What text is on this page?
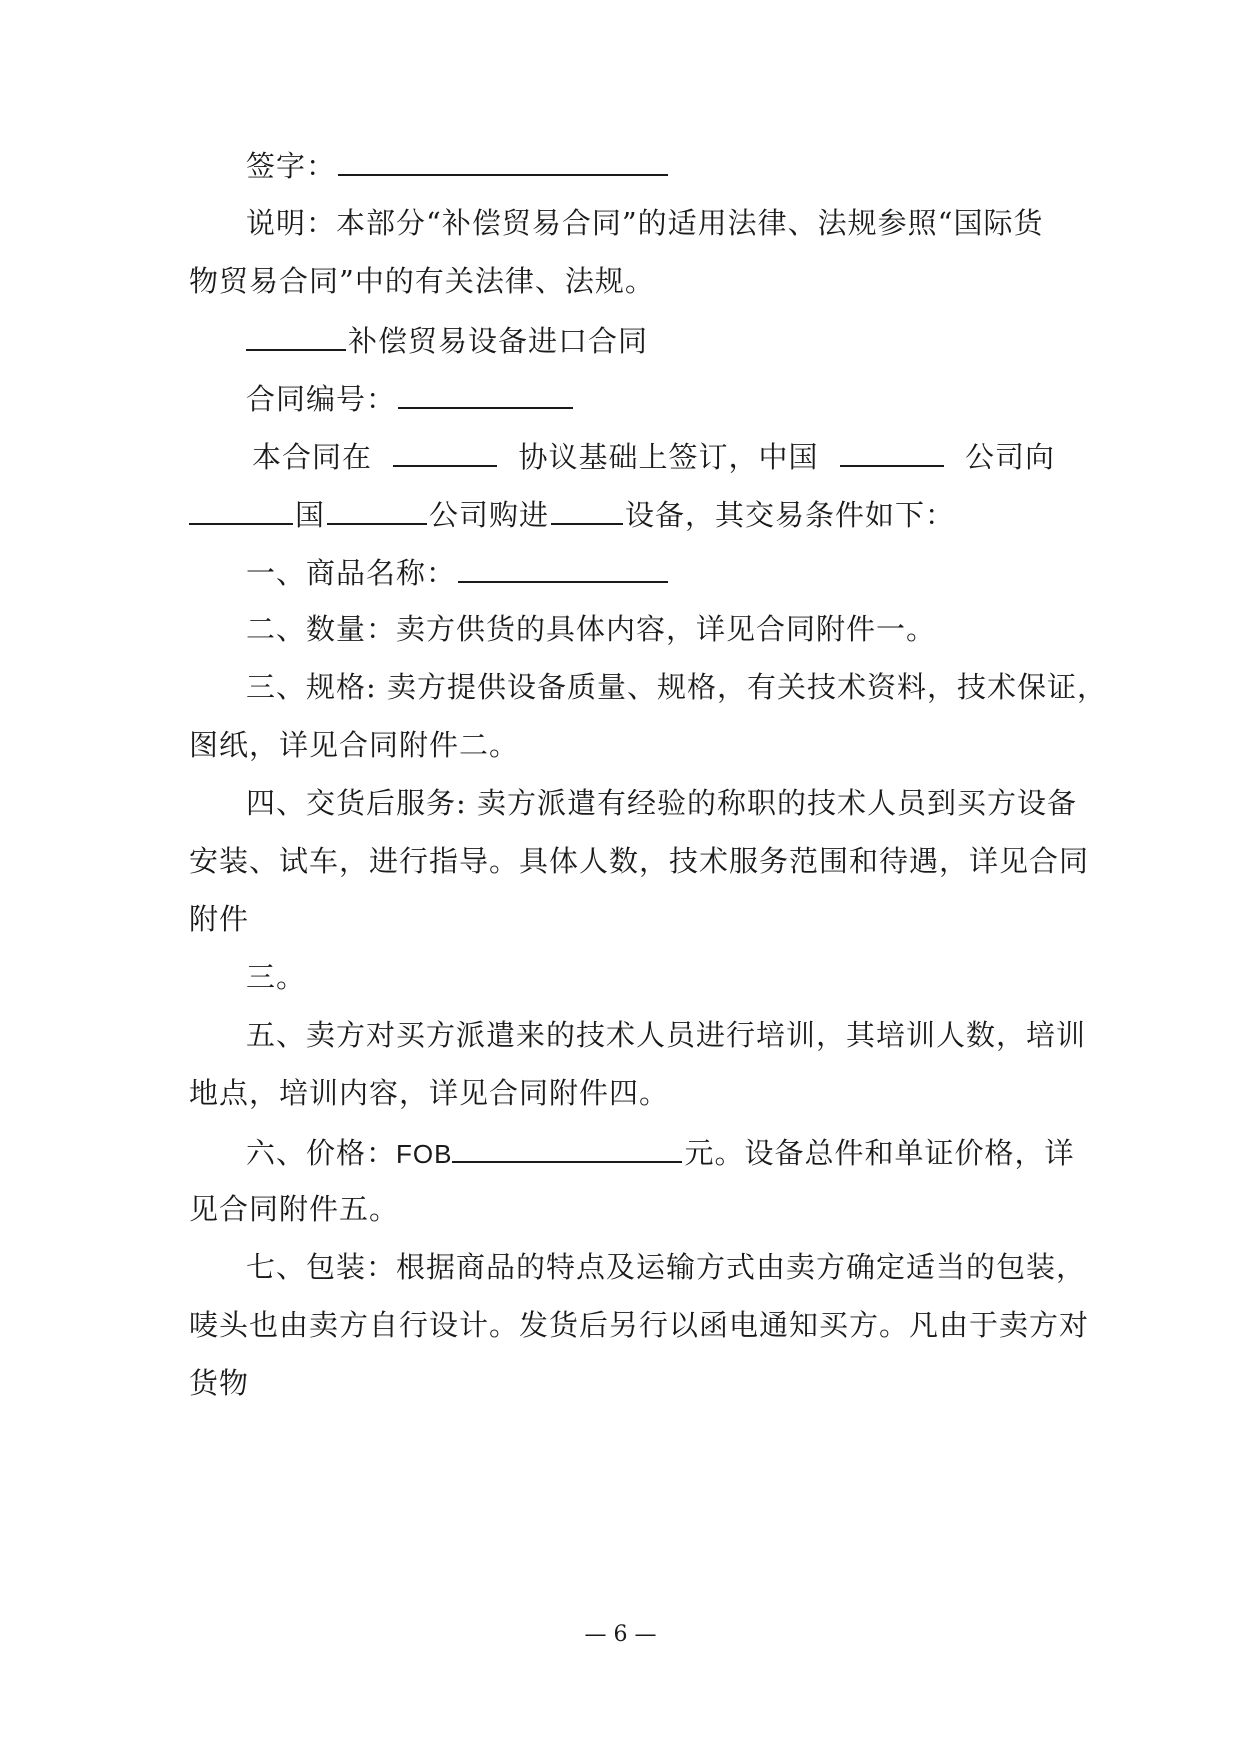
签字：
说明：本部分“补偿贸易合同”的适用法律、法规参照“国际货
物贸易合同”中的有关法律、法规。
补偿贸易设备进口合同
合同编号：
本合同在	协议基础上签订，中国	公司向
国	公司购进	设备，其交易条件如下：
一、商品名称：
二、数量：卖方供货的具体内容，详见合同附件一。
三、规格: 卖方提供设备质量、规格，有关技术资料，技术保证，
图纸，详见合同附件二。
四、交货后服务: 卖方派遣有经验的称职的技术人员到买方设备
安装、试车，进行指导。具体人数，技术服务范围和待遇，详见合同
附件
三。
五、卖方对买方派遣来的技术人员进行培训，其培训人数，培训
地点，培训内容，详见合同附件四。
六、价格：FOB	元。设备总件和单证价格，详
见合同附件五。
七、包装：根据商品的特点及运输方式由卖方确定适当的包装，
唛头也由卖方自行设计。发货后另行以函电通知买方。凡由于卖方对
货物
— 6 —
